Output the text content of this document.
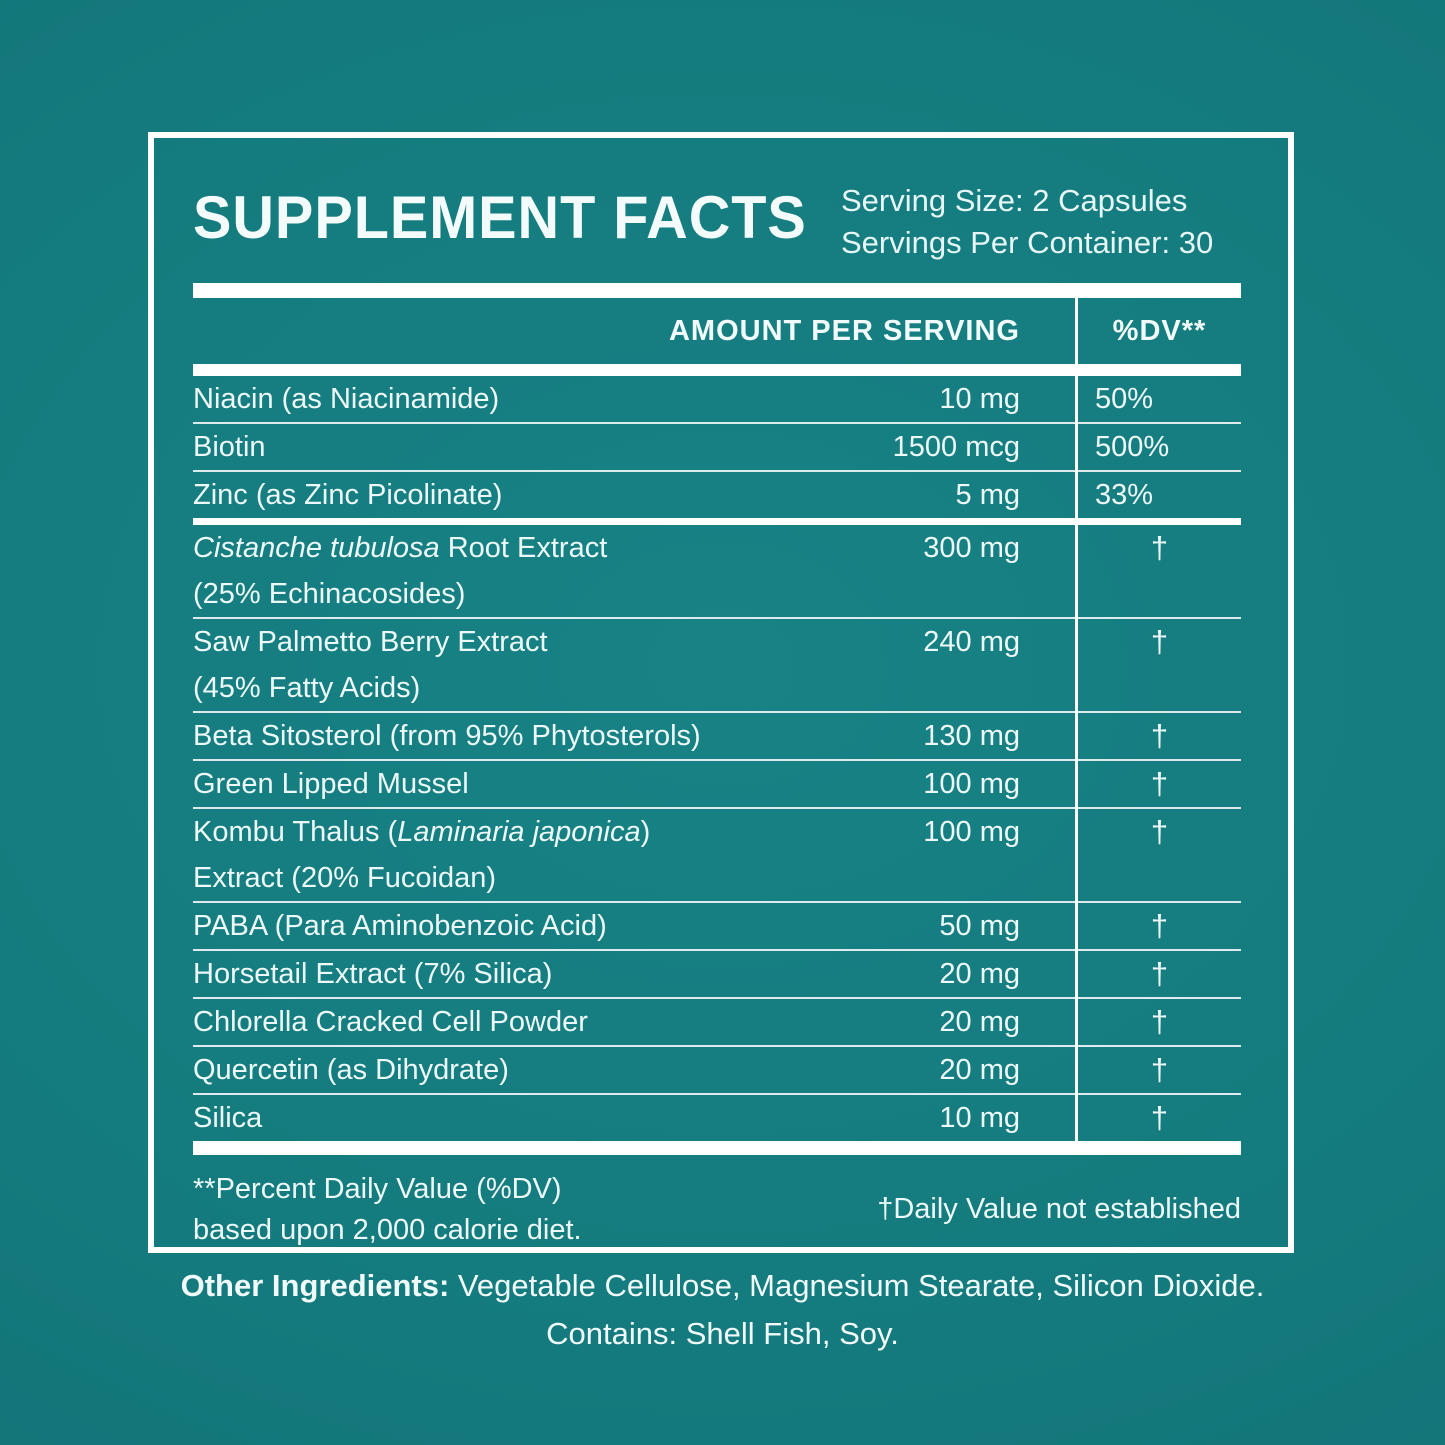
SUPPLEMENT FACTS Serving Size: 2 Capsules
Servings Per Container: 30
AMOUNT PER SERVING	%DV**
Niacin (as Niacinamide)	10 mg	50%
Biotin	1500 mcg	500%
Zinc (as Zinc Picolinate)	5 mg	33%
Cistanche tubulosa Root Extract
(25% Echinacosides)
300 mg	†
Saw Palmetto Berry Extract
(45% Fatty Acids)
240 mg	†
Beta Sitosterol (from 95% Phytosterols)	130 mg	†
Green Lipped Mussel	100 mg	†
Kombu Thalus (Laminaria japonica)
Extract (20% Fucoidan)
100 mg	†
PABA (Para Aminobenzoic Acid)	50 mg	†
Horsetail Extract (7% Silica)	20 mg	†
Chlorella Cracked Cell Powder	20 mg	†
Quercetin (as Dihydrate)	20 mg	†
Silica	10 mg	†
**Percent Daily Value (%DV)
based upon 2,000 calorie diet.
†Daily Value not established
Other Ingredients: Vegetable Cellulose, Magnesium Stearate, Silicon Dioxide.
Contains: Shell Fish, Soy.
